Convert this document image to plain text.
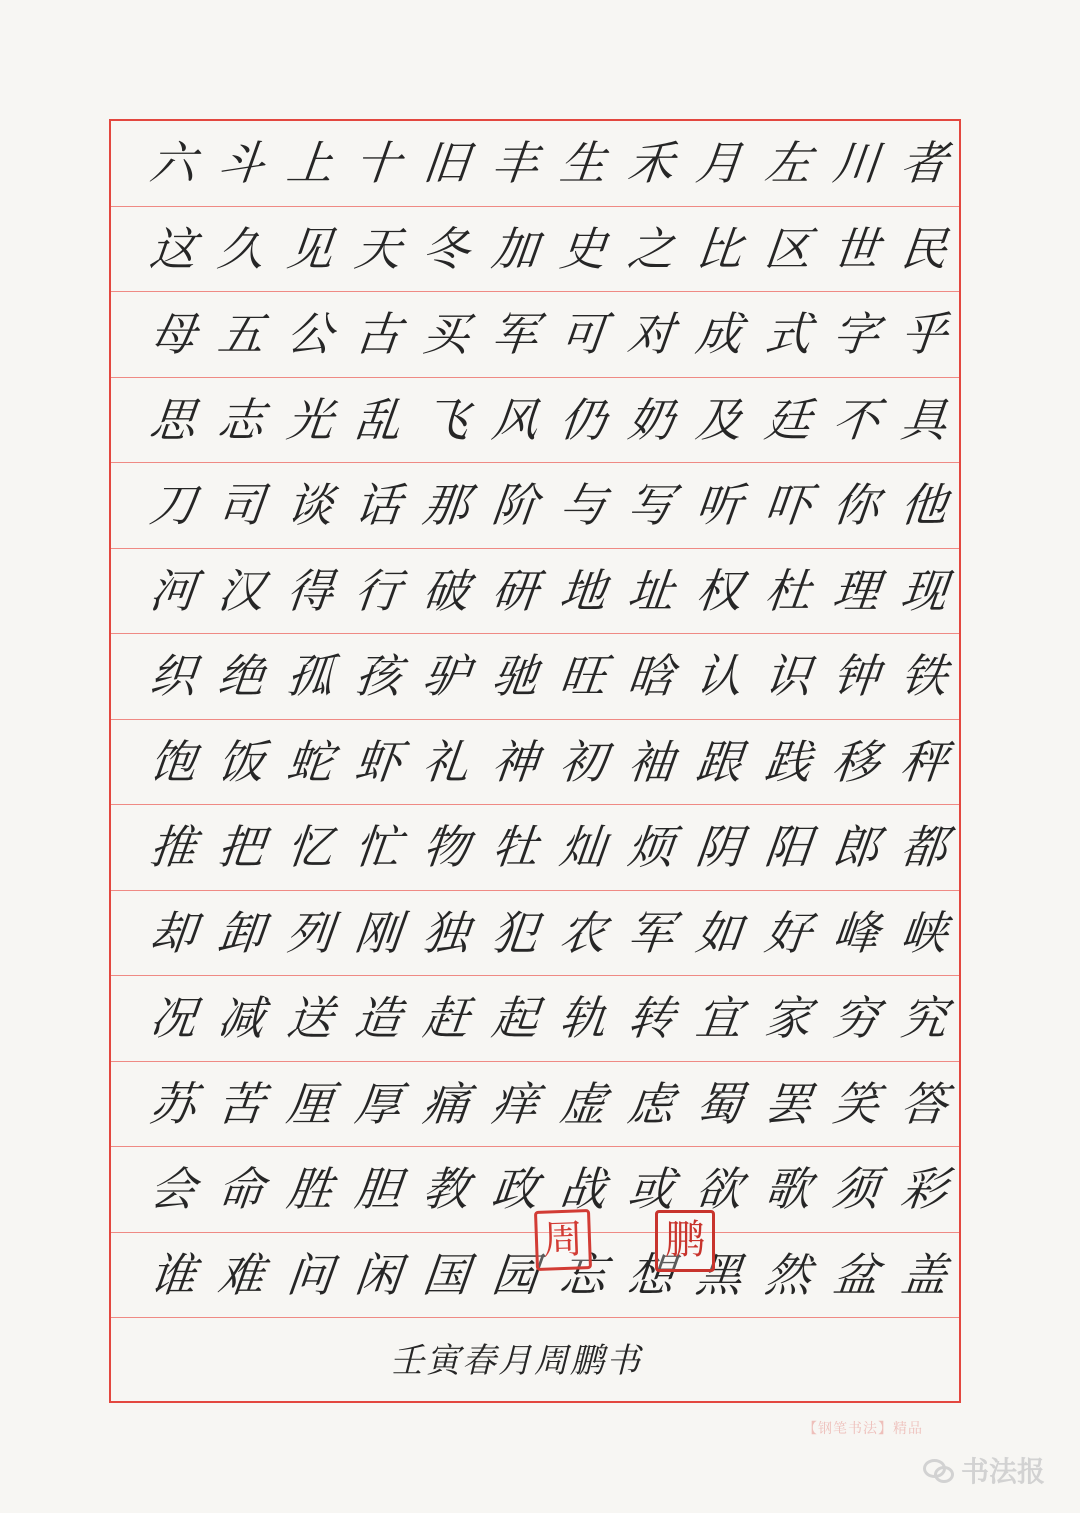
六 斗 上 十 旧 丰 生 禾 月 左 川 者
这 久 见 天 冬 加 史 之 比 区 世 民
母 五 公 古 买 军 可 对 成 式 字 乎
思 志 光 乱 飞 风 仍 奶 及 廷 不 具
刀 司 谈 话 那 阶 与 写 听 吓 你 他
河 汉 得 行 破 研 地 址 权 杜 理 现
织 绝 孤 孩 驴 驰 旺 晗 认 识 钟 铁
饱 饭 蛇 虾 礼 神 初 袖 跟 践 移 秤
推 把 忆 忙 物 牡 灿 烦 阴 阳 郎 都
却 卸 列 刚 独 犯 农 军 如 好 峰 峡
况 减 送 造 赶 起 轨 转 宜 家 穷 究
苏 苦 厘 厚 痛 痒 虚 虑 蜀 罢 笑 答
会 命 胜 胆 教 政 战 或 欲 歌 须 彩
谁 难 问 闲 国 园 忘 想 黑 然 盆 盖
壬寅春月周鹏书
周 鹏
【钢笔书法】精品
书法报
